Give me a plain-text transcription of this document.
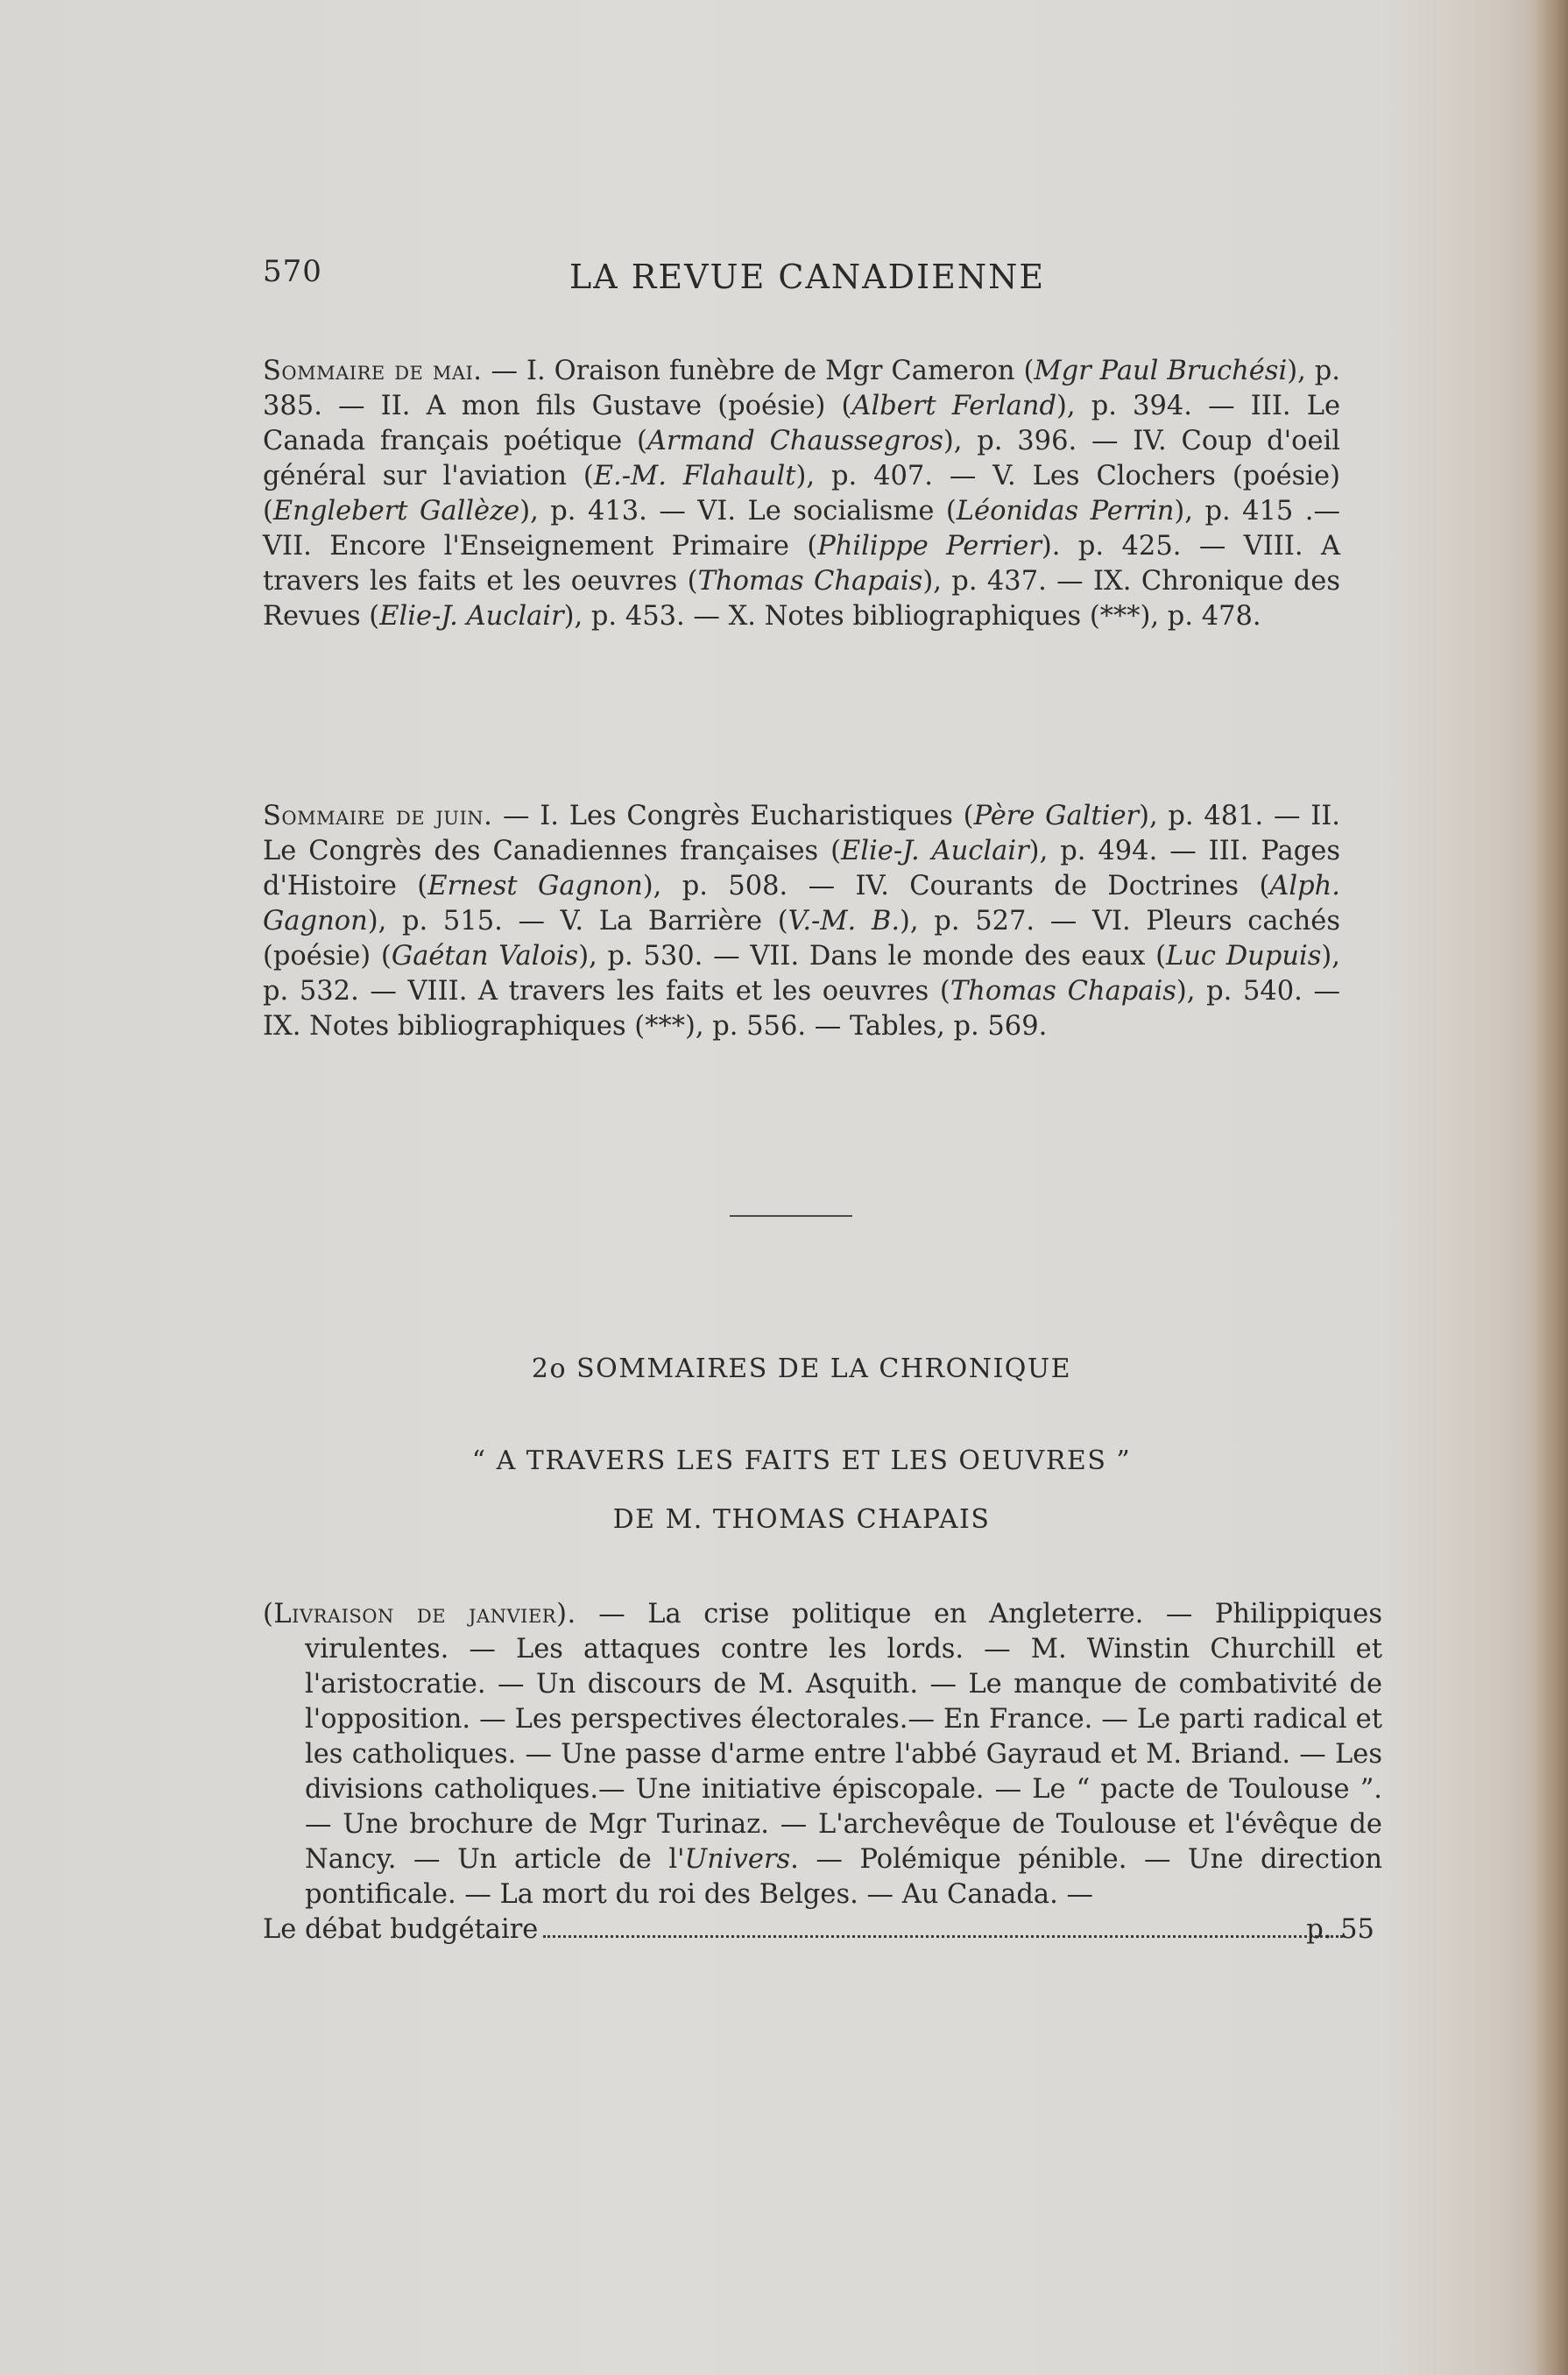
570	LA REVUE CANADIENNE
Sommaire de mai. — I. Oraison funèbre de Mgr Cameron (Mgr Paul Bruchési), p. 385. — II. A mon fils Gustave (poésie) (Albert Ferland), p. 394. — III. Le Canada français poétique (Armand Chaussegros), p. 396. — IV. Coup d'oeil général sur l'aviation (E.-M. Flahault), p. 407. — V. Les Clochers (poésie) (Englebert Gallèze), p. 413. — VI. Le socialisme (Léonidas Perrin), p. 415 .— VII. Encore l'Enseignement Primaire (Philippe Perrier). p. 425. — VIII. A travers les faits et les oeuvres (Thomas Chapais), p. 437. — IX. Chronique des Revues (Elie-J. Auclair), p. 453. — X. Notes bibliographiques (***), p. 478.
Sommaire de juin. — I. Les Congrès Eucharistiques (Père Galtier), p. 481. — II. Le Congrès des Canadiennes françaises (Elie-J. Auclair), p. 494. — III. Pages d'Histoire (Ernest Gagnon), p. 508. — IV. Courants de Doctrines (Alph. Gagnon), p. 515. — V. La Barrière (V.-M. B.), p. 527. — VI. Pleurs cachés (poésie) (Gaétan Valois), p. 530. — VII. Dans le monde des eaux (Luc Dupuis), p. 532. — VIII. A travers les faits et les oeuvres (Thomas Chapais), p. 540. — IX. Notes bibliographiques (***), p. 556. — Tables, p. 569.
2o SOMMAIRES DE LA CHRONIQUE
“ A TRAVERS LES FAITS ET LES OEUVRES ”
DE M. THOMAS CHAPAIS
(Livraison de janvier). — La crise politique en Angleterre. — Philippiques virulentes. — Les attaques contre les lords. — M. Winstin Churchill et l'aristocratie. — Un discours de M. Asquith. — Le manque de combativité de l'opposition. — Les perspectives électorales.— En France. — Le parti radical et les catholiques. — Une passe d'arme entre l'abbé Gayraud et M. Briand. — Les divisions catholiques.— Une initiative épiscopale. — Le “ pacte de Toulouse ”. — Une brochure de Mgr Turinaz. — L'archevêque de Toulouse et l'évêque de Nancy. — Un article de l'Univers. — Polémique pénible. — Une direction pontificale. — La mort du roi des Belges. — Au Canada. —
Le débat budgétaire	p. 55
